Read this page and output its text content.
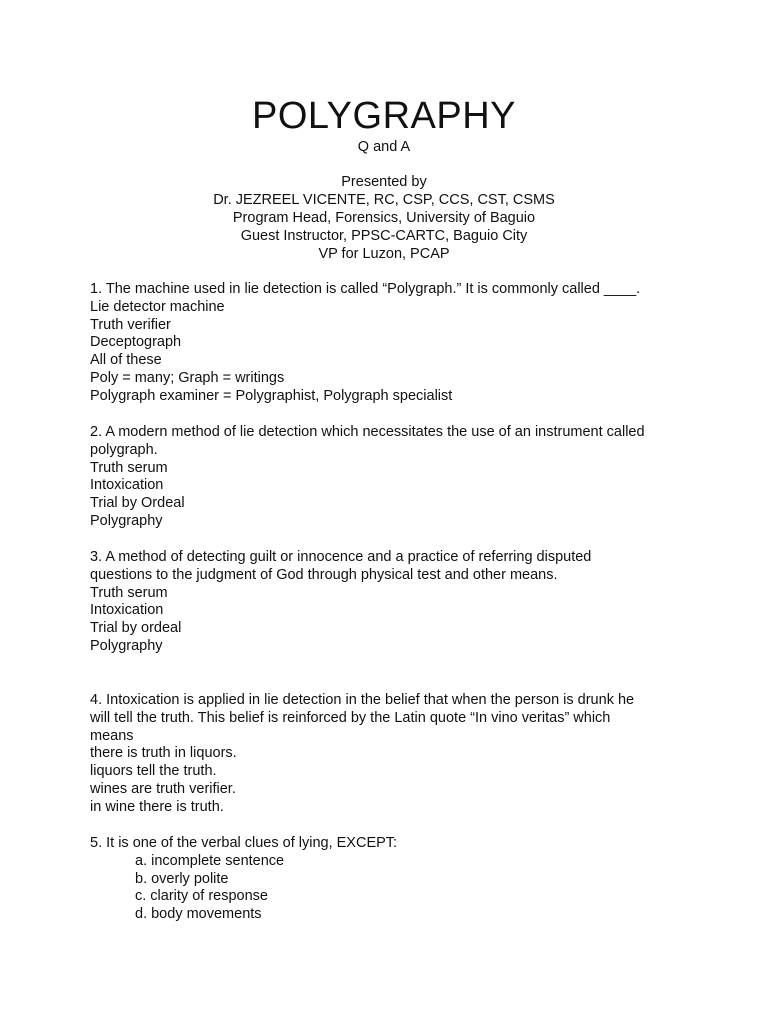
POLYGRAPHY
Q and A
Presented by
Dr. JEZREEL VICENTE, RC, CSP, CCS, CST, CSMS
Program Head, Forensics, University of Baguio
Guest Instructor, PPSC-CARTC, Baguio City
VP for Luzon, PCAP
1. The machine used in lie detection is called “Polygraph.” It is commonly called ____.
Lie detector machine
Truth verifier
Deceptograph
All of these
Poly = many; Graph = writings
Polygraph examiner = Polygraphist, Polygraph specialist
2. A modern method of lie detection which necessitates the use of an instrument called
polygraph.
Truth serum
Intoxication
Trial by Ordeal
Polygraphy
3. A method of detecting guilt or innocence and a practice of referring disputed
questions to the judgment of God through physical test and other means.
Truth serum
Intoxication
Trial by ordeal
Polygraphy
4. Intoxication is applied in lie detection in the belief that when the person is drunk he
will tell the truth. This belief is reinforced by the Latin quote “In vino veritas” which
means
there is truth in liquors.
liquors tell the truth.
wines are truth verifier.
in wine there is truth.
5. It is one of the verbal clues of lying, EXCEPT:
a. incomplete sentence
b. overly polite
c. clarity of response
d. body movements
